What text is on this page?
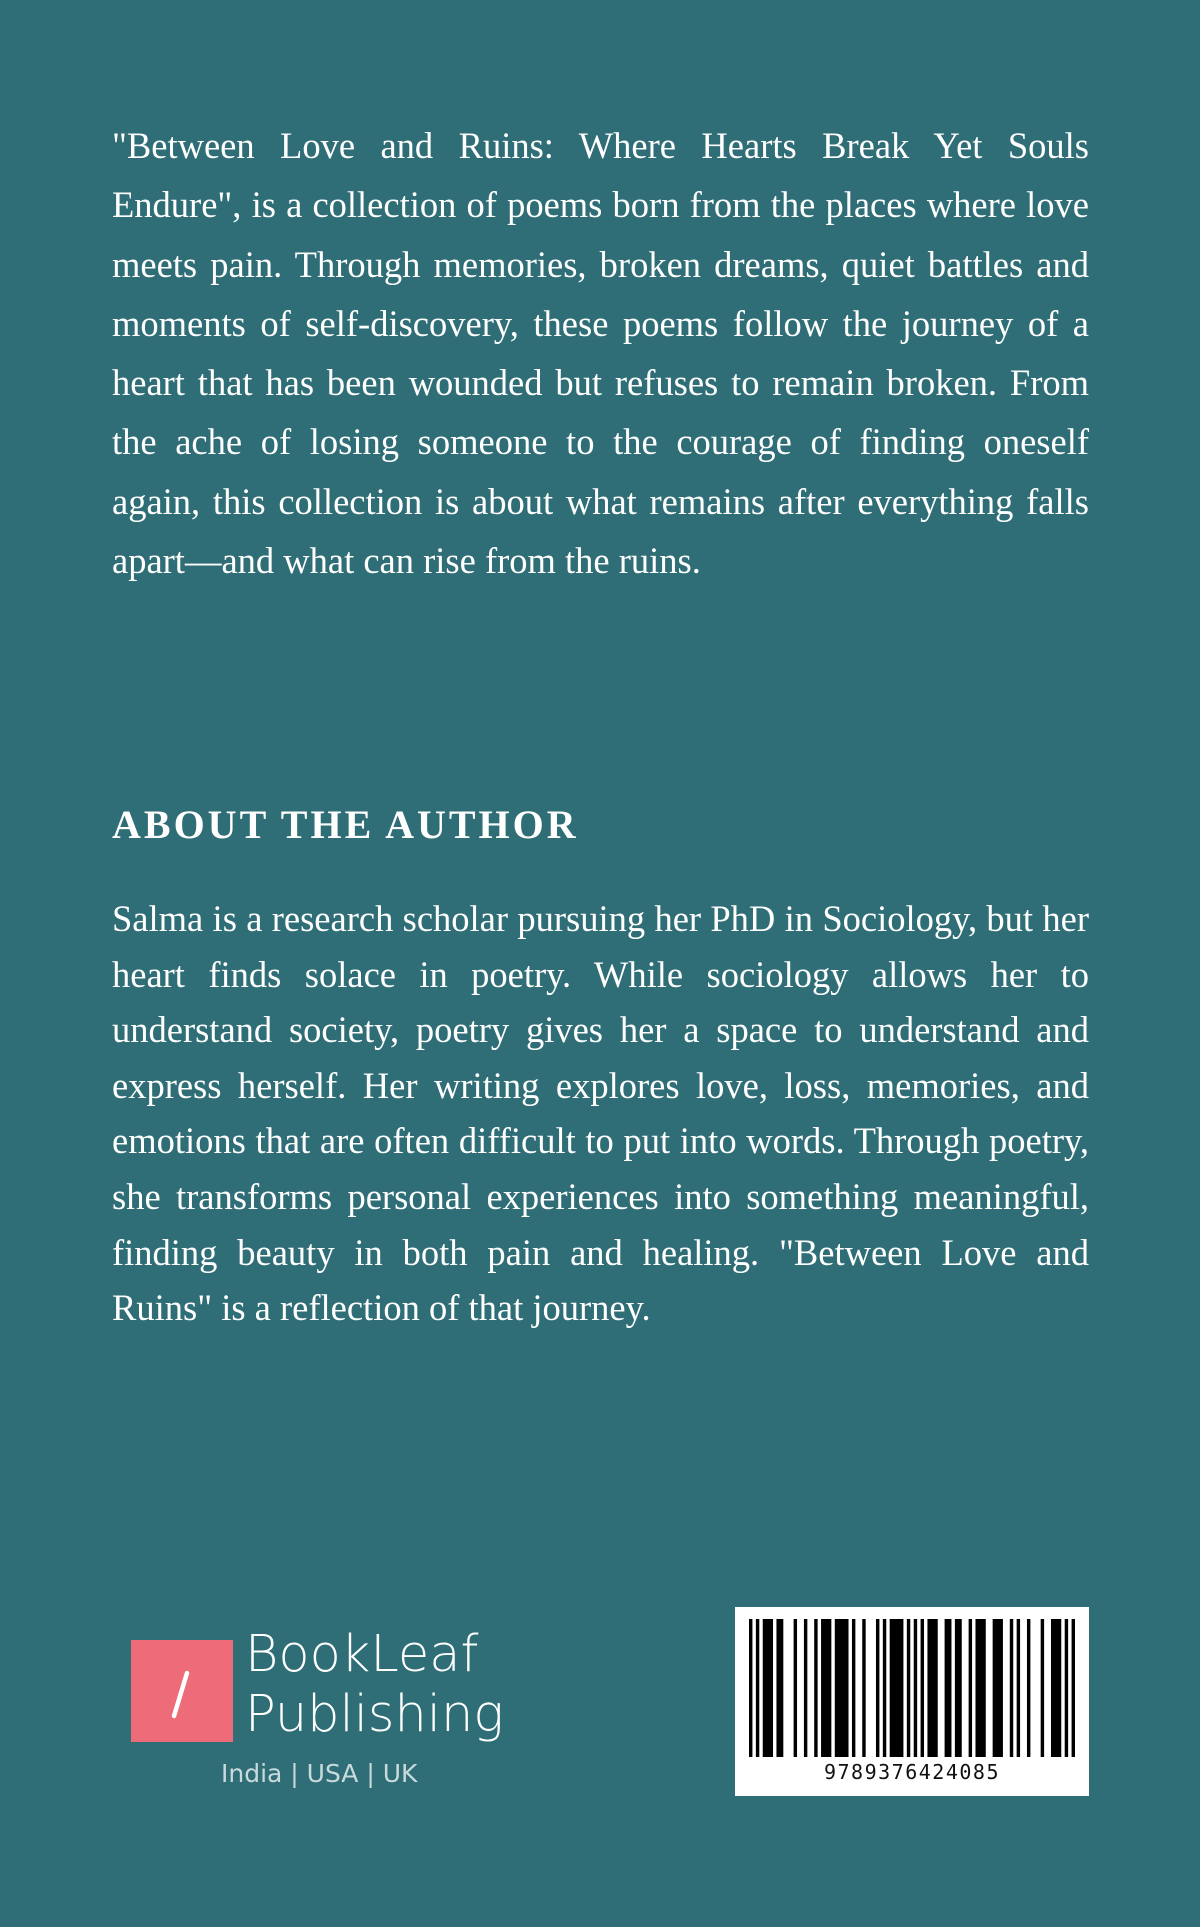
"Between Love and Ruins: Where Hearts Break Yet Souls Endure", is a collection of poems born from the places where love meets pain. Through memories, broken dreams, quiet battles and moments of self-discovery, these poems follow the journey of a heart that has been wounded but refuses to remain broken. From the ache of losing someone to the courage of finding oneself again, this collection is about what remains after everything falls apart—and what can rise from the ruins.

ABOUT THE AUTHOR

Salma is a research scholar pursuing her PhD in Sociology, but her heart finds solace in poetry. While sociology allows her to understand society, poetry gives her a space to understand and express herself. Her writing explores love, loss, memories, and emotions that are often difficult to put into words. Through poetry, she transforms personal experiences into something meaningful, finding beauty in both pain and healing. "Between Love and Ruins" is a reflection of that journey.

BookLeaf
Publishing
India | USA | UK	9789376424085
